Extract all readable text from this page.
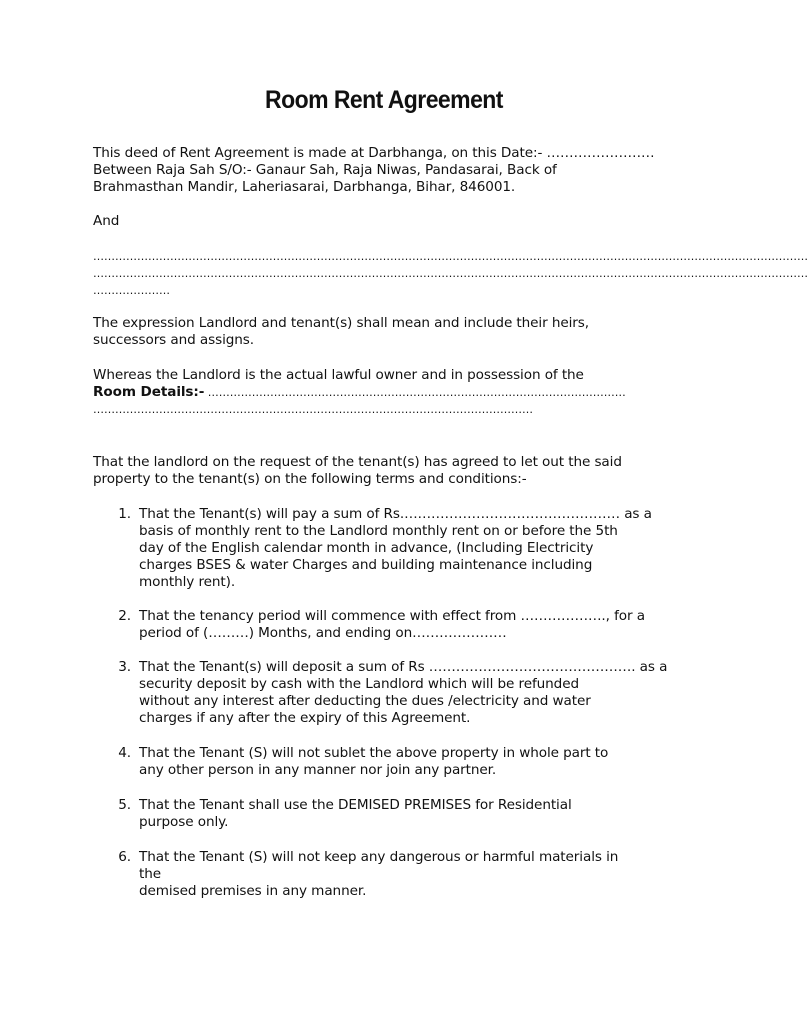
Room Rent Agreement

This deed of Rent Agreement is made at Darbhanga, on this Date:- ……………………

Between Raja Sah S/O:- Ganaur Sah, Raja Niwas, Pandasarai, Back of

Brahmasthan Mandir, Laheriasarai, Darbhanga, Bihar, 846001.

And

……………………………………………………………………………………………………………………………………………………………………………

……………………………………………………………………………………………………………………………………………………………………………

…………………

The expression Landlord and tenant(s) shall mean and include their heirs,

successors and assigns.

Whereas the Landlord is the actual lawful owner and in possession of the

Room Details:- ……………………………………………………………………………………………………

…………………………………………………………………………………………………………

That the landlord on the request of the tenant(s) has agreed to let out the said

property to the tenant(s) on the following terms and conditions:-

1. That the Tenant(s) will pay a sum of Rs.………………………………………… as a

basis of monthly rent to the Landlord monthly rent on or before the 5th

day of the English calendar month in advance, (Including Electricity

charges BSES & water Charges and building maintenance including

monthly rent).

2. That the tenancy period will commence with effect from ………………., for a

period of (………) Months, and ending on…………………

3. That the Tenant(s) will deposit a sum of Rs ………………………………………. as a

security deposit by cash with the Landlord which will be refunded

without any interest after deducting the dues /electricity and water

charges if any after the expiry of this Agreement.

4. That the Tenant (S) will not sublet the above property in whole part to

any other person in any manner nor join any partner.

5. That the Tenant shall use the DEMISED PREMISES for Residential

purpose only.

6. That the Tenant (S) will not keep any dangerous or harmful materials in

the

demised premises in any manner.
